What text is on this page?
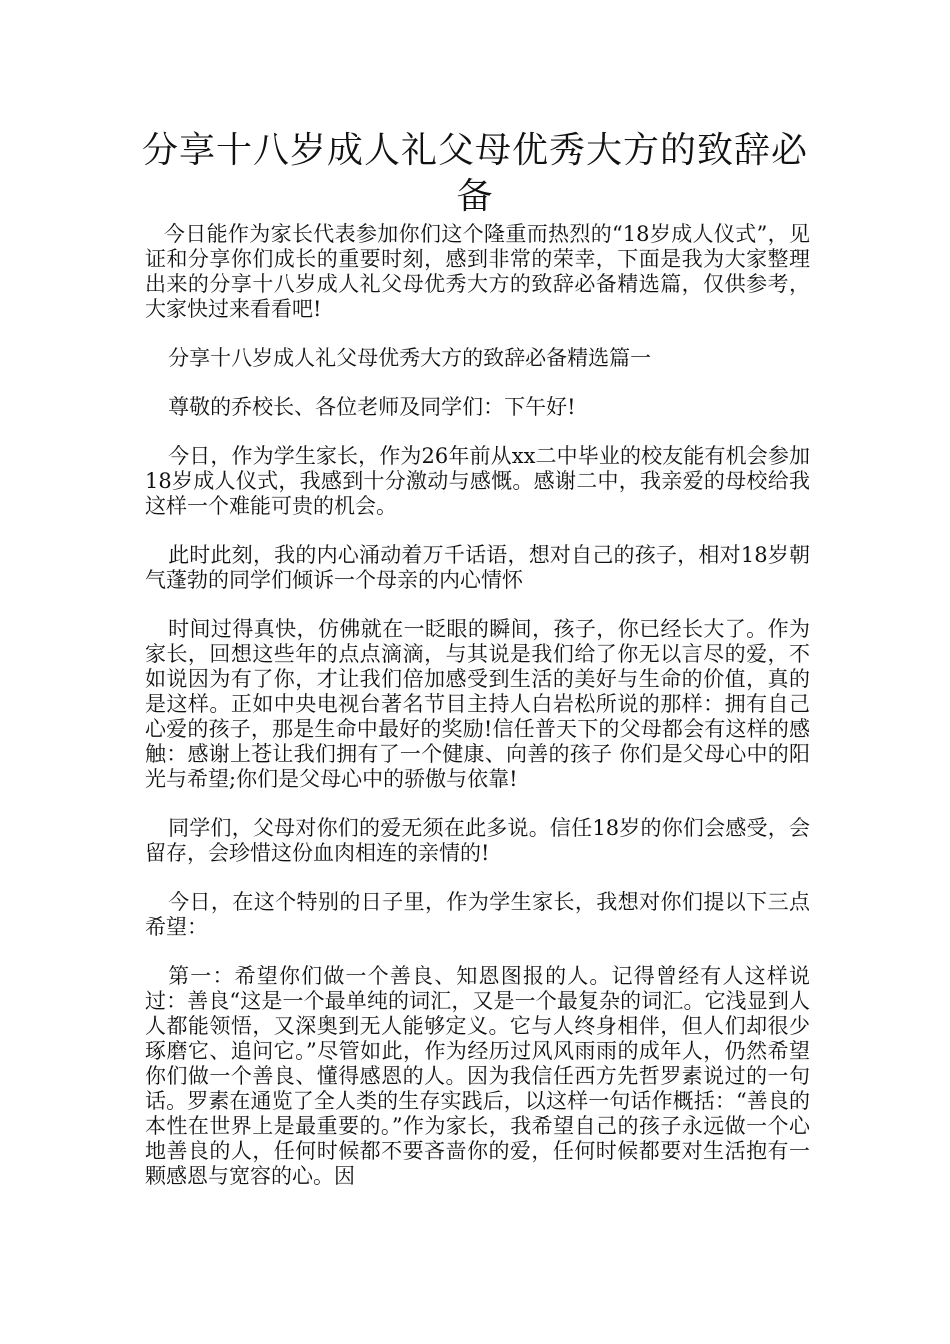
分享十八岁成人礼父母优秀大方的致辞必备

今日能作为家长代表参加你们这个隆重而热烈的“18岁成人仪式”，见证和分享你们成长的重要时刻，感到非常的荣幸，下面是我为大家整理出来的分享十八岁成人礼父母优秀大方的致辞必备精选篇，仅供参考，大家快过来看看吧!

分享十八岁成人礼父母优秀大方的致辞必备精选篇一

尊敬的乔校长、各位老师及同学们：下午好!

今日，作为学生家长，作为26年前从xx二中毕业的校友能有机会参加18岁成人仪式，我感到十分激动与感慨。感谢二中，我亲爱的母校给我这样一个难能可贵的机会。

此时此刻，我的内心涌动着万千话语，想对自己的孩子，相对18岁朝气蓬勃的同学们倾诉一个母亲的内心情怀

时间过得真快，仿佛就在一眨眼的瞬间，孩子，你已经长大了。作为家长，回想这些年的点点滴滴，与其说是我们给了你无以言尽的爱，不如说因为有了你，才让我们倍加感受到生活的美好与生命的价值，真的是这样。正如中央电视台著名节目主持人白岩松所说的那样：拥有自己心爱的孩子，那是生命中最好的奖励!信任普天下的父母都会有这样的感触：感谢上苍让我们拥有了一个健康、向善的孩子 你们是父母心中的阳光与希望;你们是父母心中的骄傲与依靠!

同学们，父母对你们的爱无须在此多说。信任18岁的你们会感受，会留存，会珍惜这份血肉相连的亲情的!

今日，在这个特别的日子里，作为学生家长，我想对你们提以下三点希望：

第一：希望你们做一个善良、知恩图报的人。记得曾经有人这样说过：善良“这是一个最单纯的词汇，又是一个最复杂的词汇。它浅显到人人都能领悟，又深奥到无人能够定义。它与人终身相伴，但人们却很少琢磨它、追问它。”尽管如此，作为经历过风风雨雨的成年人，仍然希望你们做一个善良、懂得感恩的人。因为我信任西方先哲罗素说过的一句话。罗素在通览了全人类的生存实践后，以这样一句话作概括：“善良的本性在世界上是最重要的。”作为家长，我希望自己的孩子永远做一个心地善良的人，任何时候都不要吝啬你的爱，任何时候都要对生活抱有一颗感恩与宽容的心。因
